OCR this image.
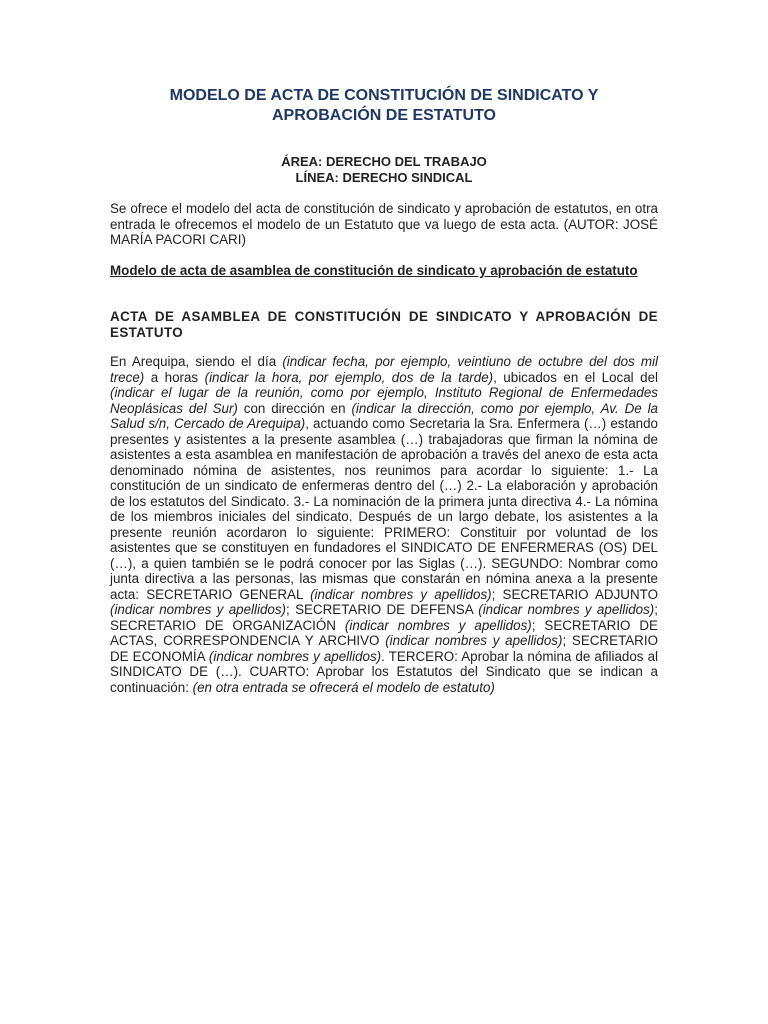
MODELO DE ACTA DE CONSTITUCIÓN DE SINDICATO Y
APROBACIÓN DE ESTATUTO
ÁREA: DERECHO DEL TRABAJO
LÍNEA: DERECHO SINDICAL

Se ofrece el modelo del acta de constitución de sindicato y aprobación de estatutos, en otra entrada le ofrecemos el modelo de un Estatuto que va luego de esta acta. (AUTOR: JOSÉ MARÍA PACORI CARI)

Modelo de acta de asamblea de constitución de sindicato y aprobación de estatuto

ACTA DE ASAMBLEA DE CONSTITUCIÓN DE SINDICATO Y APROBACIÓN DE ESTATUTO

En Arequipa, siendo el día (indicar fecha, por ejemplo, veintiuno de octubre del dos mil trece) a horas (indicar la hora, por ejemplo, dos de la tarde), ubicados en el Local del (indicar el lugar de la reunión, como por ejemplo, Instituto Regional de Enfermedades Neoplásicas del Sur) con dirección en (indicar la dirección, como por ejemplo, Av. De la Salud s/n, Cercado de Arequipa), actuando como Secretaria la Sra. Enfermera (…) estando presentes y asistentes a la presente asamblea (…) trabajadoras que firman la nómina de asistentes a esta asamblea en manifestación de aprobación a través del anexo de esta acta denominado nómina de asistentes, nos reunimos para acordar lo siguiente: 1.- La constitución de un sindicato de enfermeras dentro del (…) 2.- La elaboración y aprobación de los estatutos del Sindicato. 3.- La nominación de la primera junta directiva 4.- La nómina de los miembros iniciales del sindicato. Después de un largo debate, los asistentes a la presente reunión acordaron lo siguiente: PRIMERO: Constituir por voluntad de los asistentes que se constituyen en fundadores el SINDICATO DE ENFERMERAS (OS) DEL (…), a quien también se le podrá conocer por las Siglas (…). SEGUNDO: Nombrar como junta directiva a las personas, las mismas que constarán en nómina anexa a la presente acta: SECRETARIO GENERAL (indicar nombres y apellidos); SECRETARIO ADJUNTO (indicar nombres y apellidos); SECRETARIO DE DEFENSA (indicar nombres y apellidos); SECRETARIO DE ORGANIZACIÓN (indicar nombres y apellidos); SECRETARIO DE ACTAS, CORRESPONDENCIA Y ARCHIVO (indicar nombres y apellidos); SECRETARIO DE ECONOMÍA (indicar nombres y apellidos). TERCERO: Aprobar la nómina de afiliados al SINDICATO DE (…). CUARTO: Aprobar los Estatutos del Sindicato que se indican a continuación: (en otra entrada se ofrecerá el modelo de estatuto)
